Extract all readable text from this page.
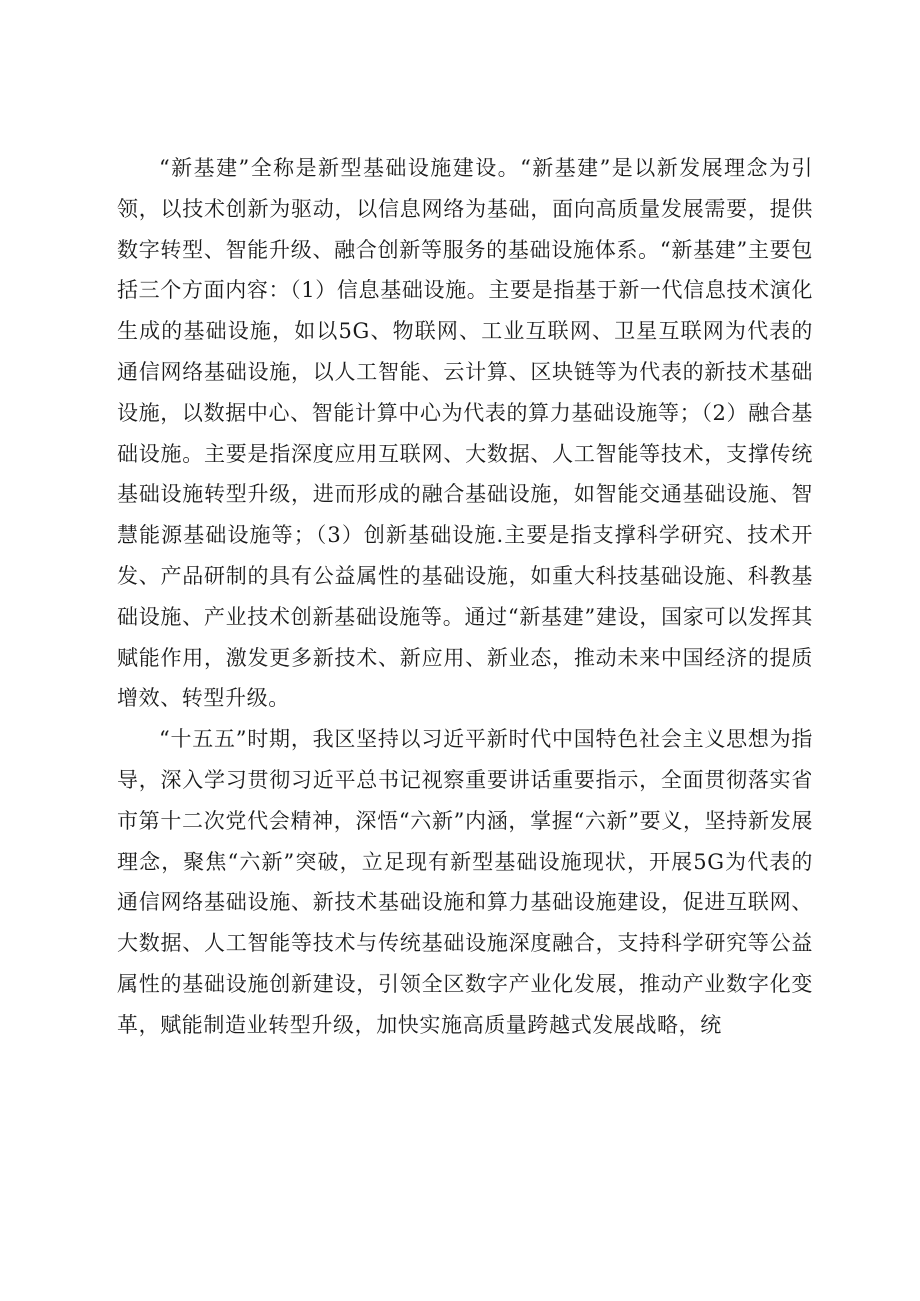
“新基建”全称是新型基础设施建设。“新基建”是以新发展理念为引领，以技术创新为驱动，以信息网络为基础，面向高质量发展需要，提供数字转型、智能升级、融合创新等服务的基础设施体系。“新基建”主要包括三个方面内容：（1）信息基础设施。主要是指基于新一代信息技术演化生成的基础设施，如以5G、物联网、工业互联网、卫星互联网为代表的通信网络基础设施，以人工智能、云计算、区块链等为代表的新技术基础设施，以数据中心、智能计算中心为代表的算力基础设施等；（2）融合基础设施。主要是指深度应用互联网、大数据、人工智能等技术，支撑传统基础设施转型升级，进而形成的融合基础设施，如智能交通基础设施、智慧能源基础设施等；（3）创新基础设施.主要是指支撑科学研究、技术开发、产品研制的具有公益属性的基础设施，如重大科技基础设施、科教基础设施、产业技术创新基础设施等。通过“新基建”建设，国家可以发挥其赋能作用，激发更多新技术、新应用、新业态，推动未来中国经济的提质增效、转型升级。

“十五五”时期，我区坚持以习近平新时代中国特色社会主义思想为指导，深入学习贯彻习近平总书记视察重要讲话重要指示，全面贯彻落实省市第十二次党代会精神，深悟“六新”内涵，掌握“六新”要义，坚持新发展理念，聚焦“六新”突破，立足现有新型基础设施现状，开展5G为代表的通信网络基础设施、新技术基础设施和算力基础设施建设，促进互联网、大数据、人工智能等技术与传统基础设施深度融合，支持科学研究等公益属性的基础设施创新建设，引领全区数字产业化发展，推动产业数字化变革，赋能制造业转型升级，加快实施高质量跨越式发展战略，统
